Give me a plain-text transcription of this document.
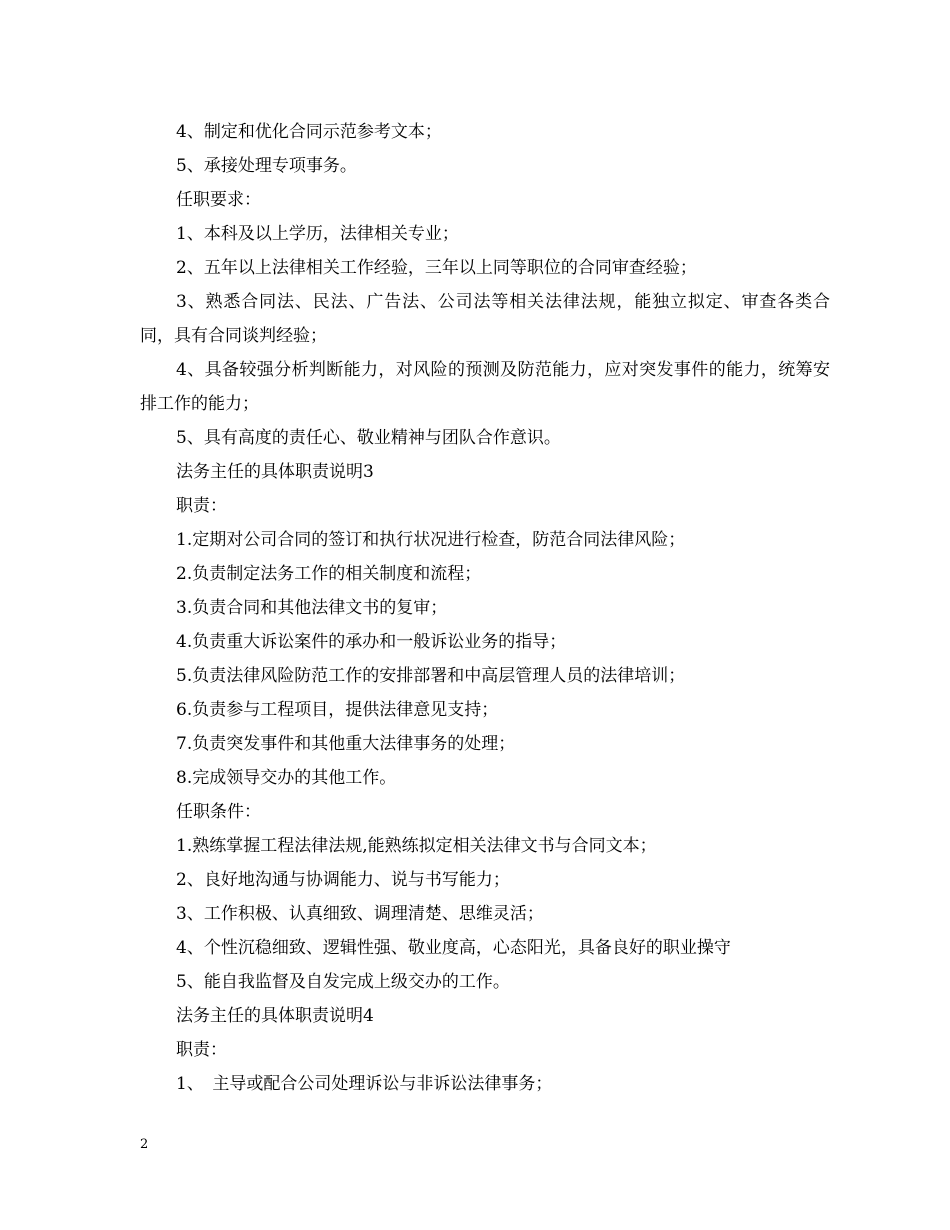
4、制定和优化合同示范参考文本；
5、承接处理专项事务。
任职要求：
1、本科及以上学历，法律相关专业；
2、五年以上法律相关工作经验，三年以上同等职位的合同审查经验；
3、熟悉合同法、民法、广告法、公司法等相关法律法规，能独立拟定、审查各类合同，具有合同谈判经验；
4、具备较强分析判断能力，对风险的预测及防范能力，应对突发事件的能力，统筹安排工作的能力；
5、具有高度的责任心、敬业精神与团队合作意识。
法务主任的具体职责说明3
职责：
1.定期对公司合同的签订和执行状况进行检查，防范合同法律风险；
2.负责制定法务工作的相关制度和流程；
3.负责合同和其他法律文书的复审；
4.负责重大诉讼案件的承办和一般诉讼业务的指导；
5.负责法律风险防范工作的安排部署和中高层管理人员的法律培训；
6.负责参与工程项目，提供法律意见支持；
7.负责突发事件和其他重大法律事务的处理；
8.完成领导交办的其他工作。
任职条件：
1.熟练掌握工程法律法规,能熟练拟定相关法律文书与合同文本；
2、良好地沟通与协调能力、说与书写能力；
3、工作积极、认真细致、调理清楚、思维灵活；
4、个性沉稳细致、逻辑性强、敬业度高，心态阳光，具备良好的职业操守
5、能自我监督及自发完成上级交办的工作。
法务主任的具体职责说明4
职责：
1、　主导或配合公司处理诉讼与非诉讼法律事务；
2
